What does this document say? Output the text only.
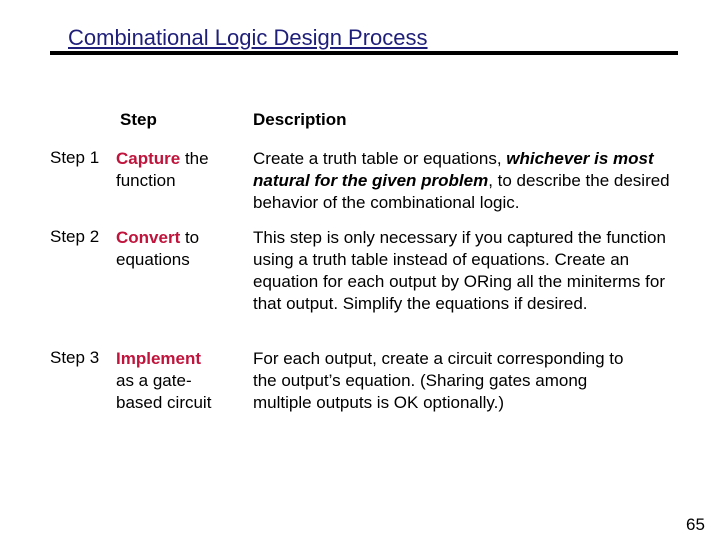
Combinational Logic Design Process
Step	Description
Step 1 Capture the function
Create a truth table or equations, whichever is most natural for the given problem, to describe the desired behavior of the combinational logic.
Step 2 Convert to equations
This step is only necessary if you captured the function using a truth table instead of equations. Create an equation for each output by ORing all the miniterms for that output. Simplify the equations if desired.
Step 3 Implement as a gate-based circuit
For each output, create a circuit corresponding to the output’s equation. (Sharing gates among multiple outputs is OK optionally.)
65
